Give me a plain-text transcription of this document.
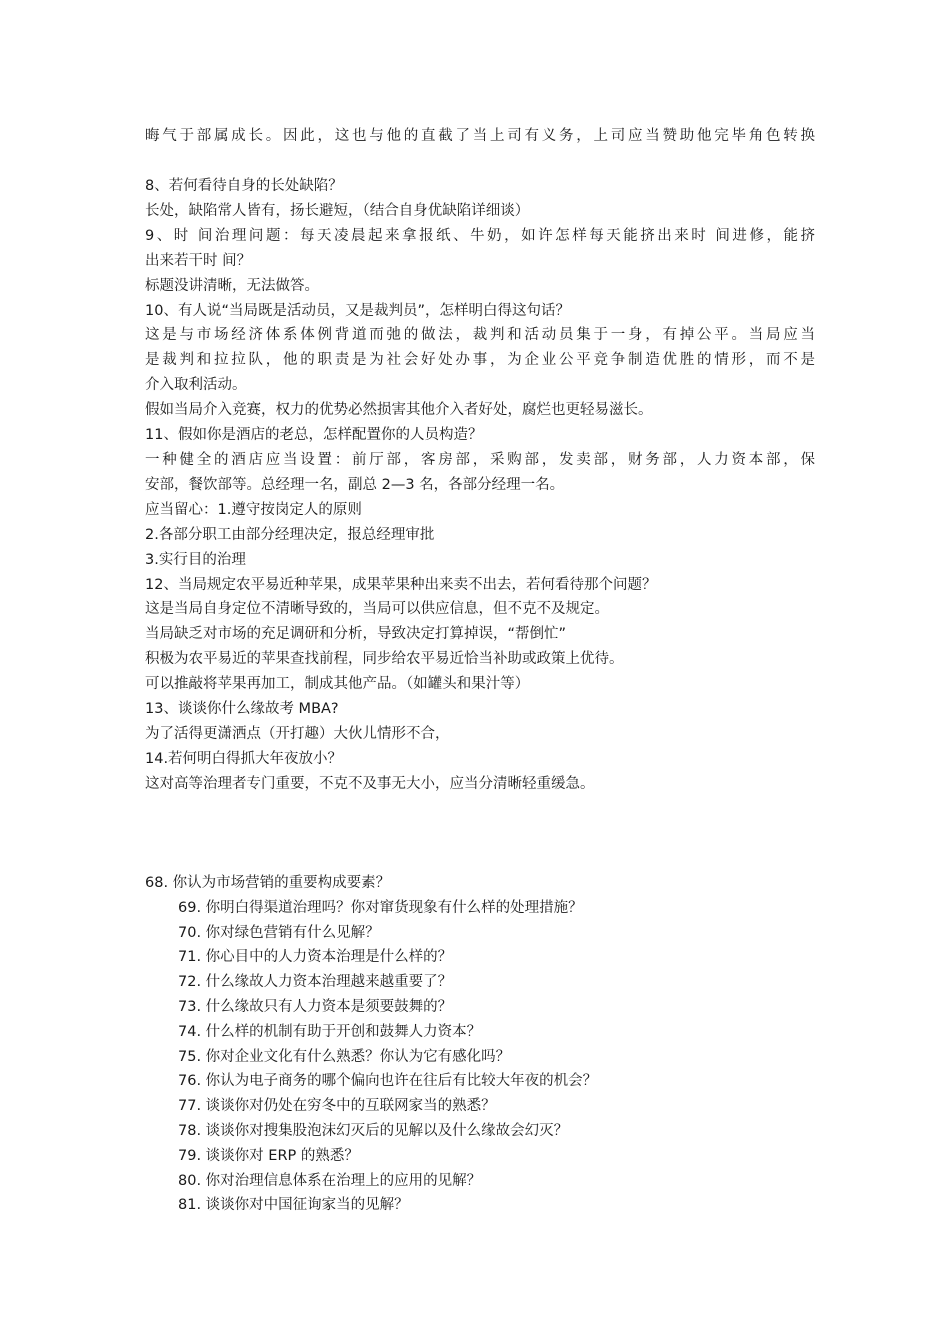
晦气于部属成长。因此，这也与他的直截了当上司有义务，上司应当赞助他完毕角色转换
8、若何看待自身的长处缺陷？
长处，缺陷常人皆有，扬长避短，（结合自身优缺陷详细谈）
9、时 间治理问题：每天凌晨起来拿报纸、牛奶，如许怎样每天能挤出来时 间进修，能挤
出来若干时 间？
标题没讲清晰，无法做答。
10、有人说“当局既是活动员，又是裁判员”，怎样明白得这句话？
这是与市场经济体系体例背道而弛的做法，裁判和活动员集于一身，有掉公平。当局应当
是裁判和拉拉队，他的职责是为社会好处办事，为企业公平竞争制造优胜的情形，而不是
介入取利活动。
假如当局介入竞赛，权力的优势必然损害其他介入者好处，腐烂也更轻易滋长。
11、假如你是酒店的老总，怎样配置你的人员构造？
一种健全的酒店应当设置：前厅部，客房部，采购部，发卖部，财务部，人力资本部，保
安部，餐饮部等。总经理一名，副总 2—3 名，各部分经理一名。
应当留心：1.遵守按岗定人的原则
2.各部分职工由部分经理决定，报总经理审批
3.实行目的治理
12、当局规定农平易近种苹果，成果苹果种出来卖不出去，若何看待那个问题？
这是当局自身定位不清晰导致的，当局可以供应信息，但不克不及规定。
当局缺乏对市场的充足调研和分析，导致决定打算掉误，“帮倒忙”
积极为农平易近的苹果查找前程，同步给农平易近恰当补助或政策上优待。
可以推敲将苹果再加工，制成其他产品。（如罐头和果汁等）
13、谈谈你什么缘故考 MBA?
为了活得更潇洒点（开打趣）大伙儿情形不合，
14.若何明白得抓大年夜放小？
这对高等治理者专门重要，不克不及事无大小，应当分清晰轻重缓急。
68. 你认为市场营销的重要构成要素？
69. 你明白得渠道治理吗？你对窜货现象有什么样的处理措施？
70. 你对绿色营销有什么见解？
71. 你心目中的人力资本治理是什么样的？
72. 什么缘故人力资本治理越来越重要了？
73. 什么缘故只有人力资本是须要鼓舞的？
74. 什么样的机制有助于开创和鼓舞人力资本？
75. 你对企业文化有什么熟悉？你认为它有感化吗？
76. 你认为电子商务的哪个偏向也许在往后有比较大年夜的机会？
77. 谈谈你对仍处在穷冬中的互联网家当的熟悉？
78. 谈谈你对搜集股泡沫幻灭后的见解以及什么缘故会幻灭？
79. 谈谈你对 ERP 的熟悉？
80. 你对治理信息体系在治理上的应用的见解？
81. 谈谈你对中国征询家当的见解？
